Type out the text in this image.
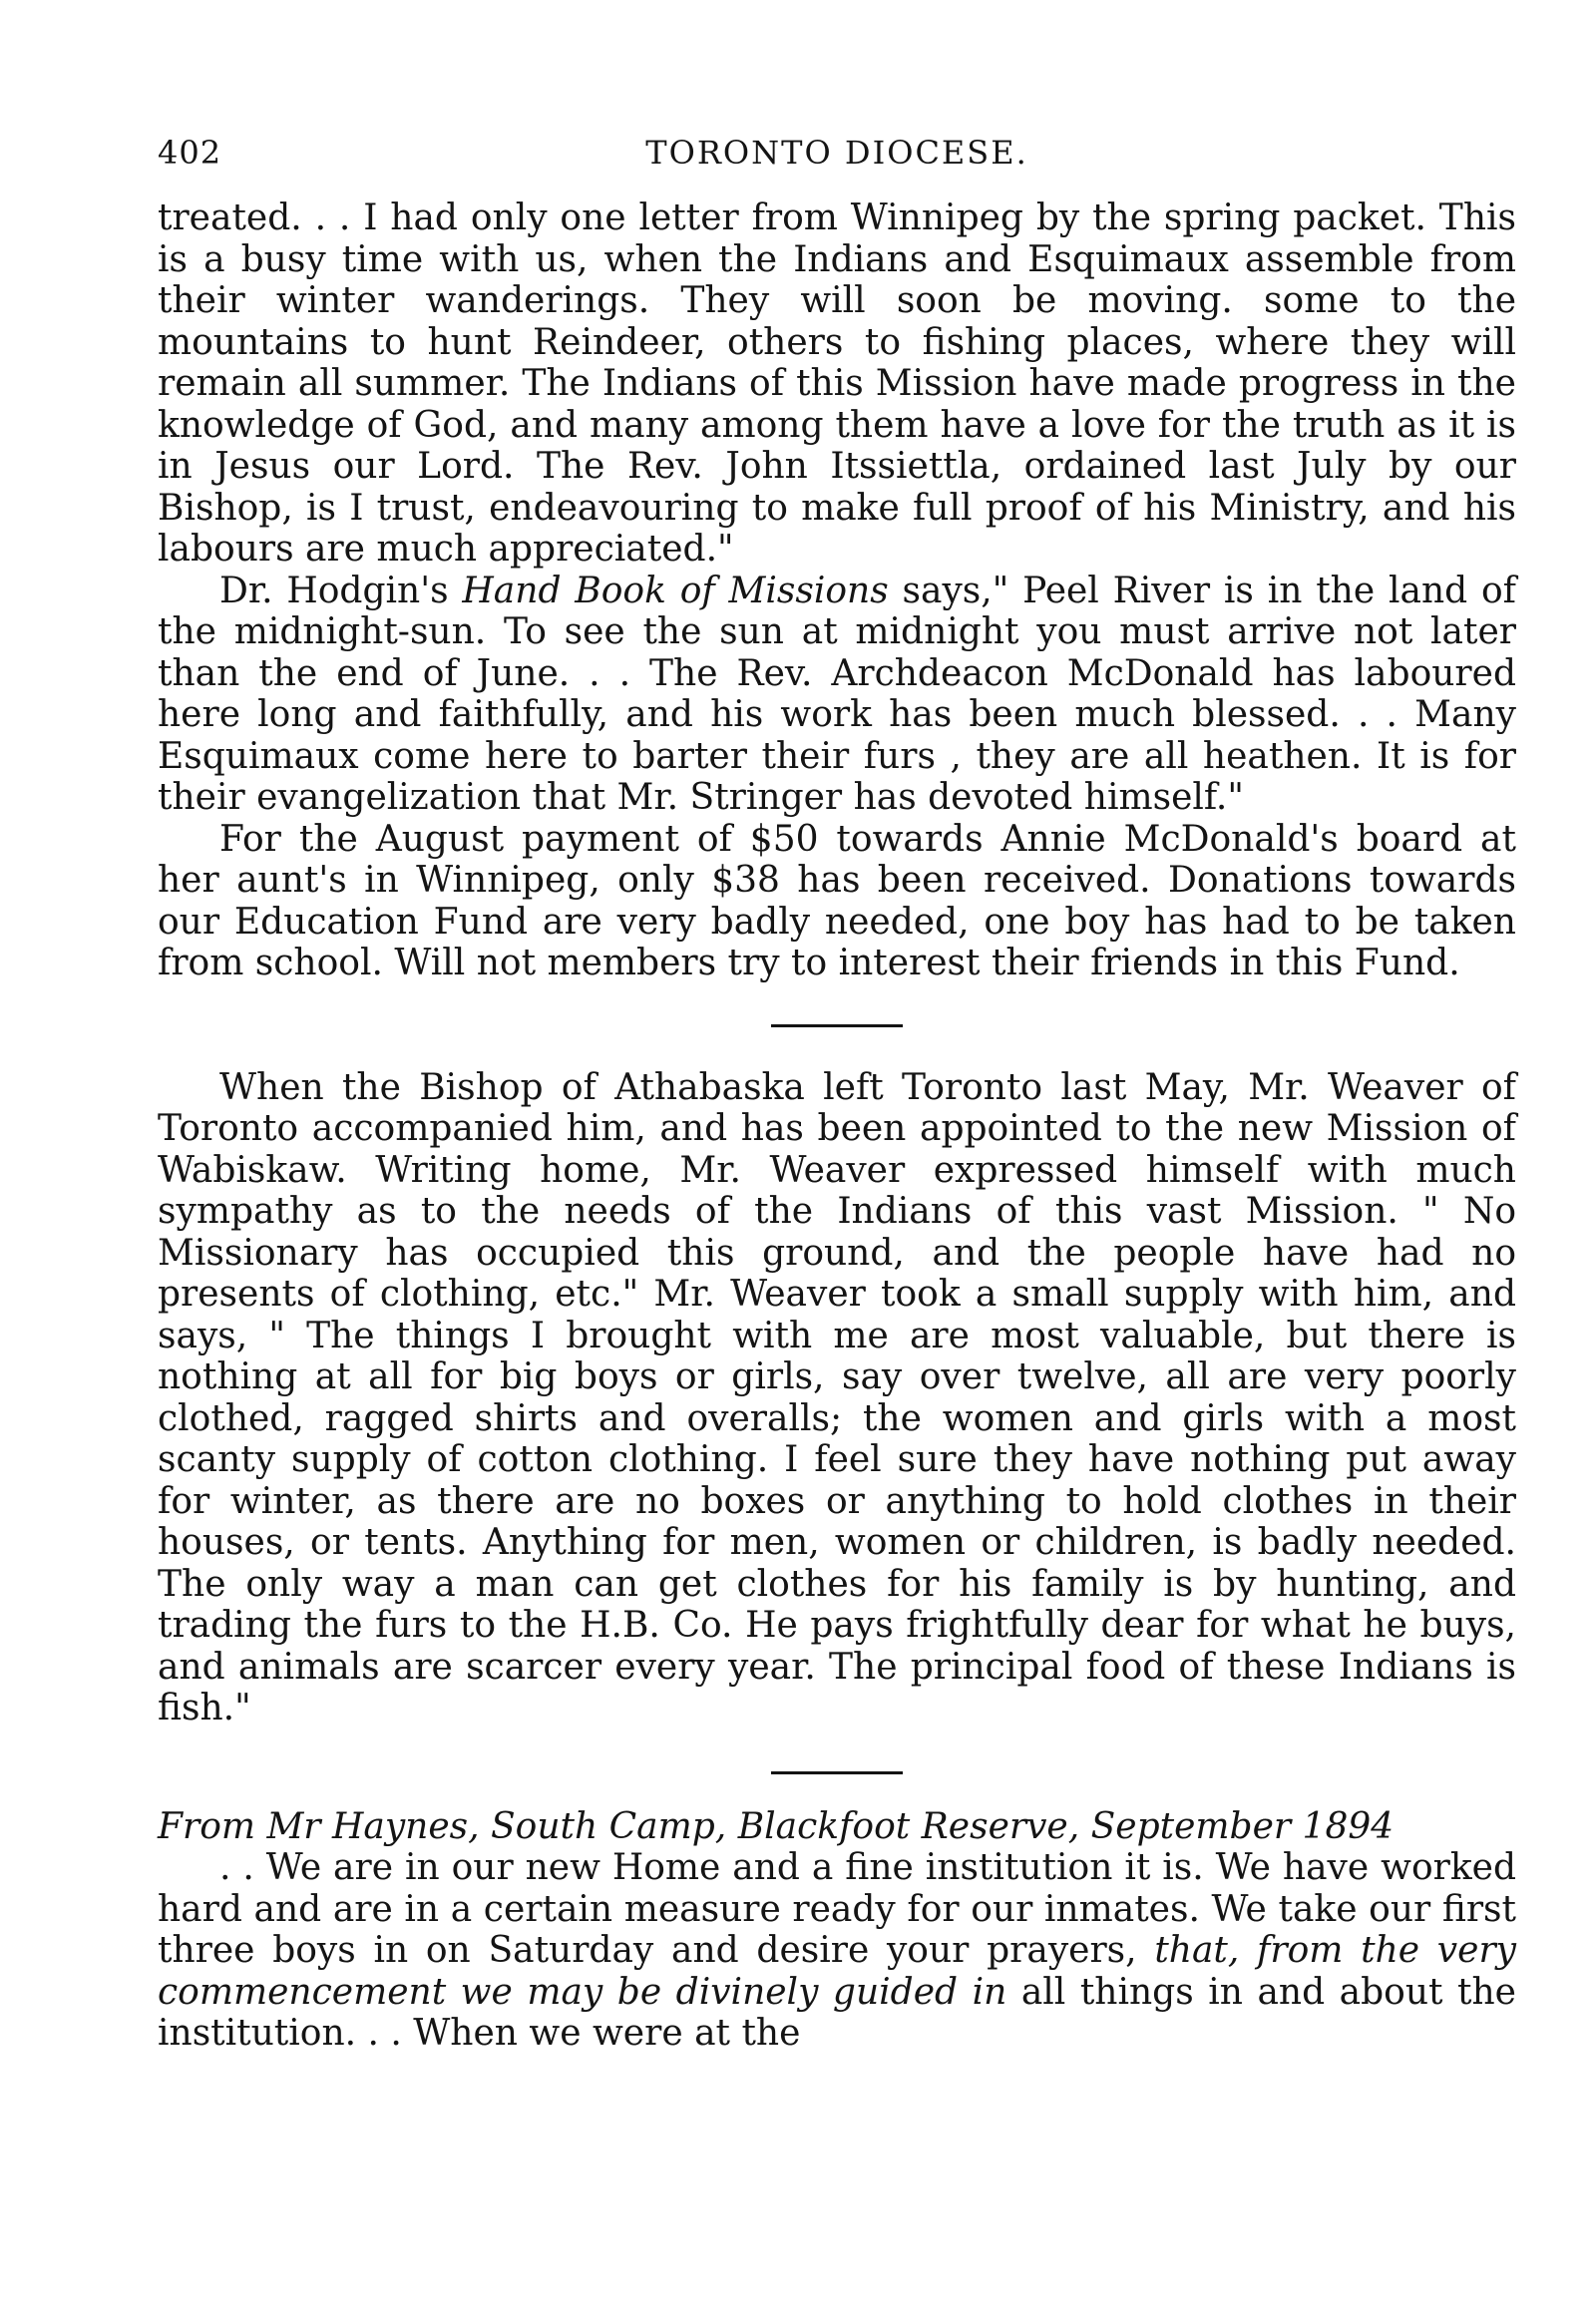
402	TORONTO DIOCESE.

treated. . . I had only one letter from Winnipeg by the spring packet. This is a busy time with us, when the Indians and Esquimaux assemble from their winter wanderings. They will soon be moving. some to the mountains to hunt Reindeer, others to fishing places, where they will remain all summer. The Indians of this Mission have made progress in the knowledge of God, and many among them have a love for the truth as it is in Jesus our Lord. The Rev. John Itssiettla, ordained last July by our Bishop, is I trust, endeavouring to make full proof of his Ministry, and his labours are much appreciated."

Dr. Hodgin's Hand Book of Missions says," Peel River is in the land of the midnight-sun. To see the sun at midnight you must arrive not later than the end of June. . . The Rev. Archdeacon McDonald has laboured here long and faithfully, and his work has been much blessed. . . Many Esquimaux come here to barter their furs , they are all heathen. It is for their evangelization that Mr. Stringer has devoted himself."

For the August payment of $50 towards Annie McDonald's board at her aunt's in Winnipeg, only $38 has been received. Donations towards our Education Fund are very badly needed, one boy has had to be taken from school. Will not members try to interest their friends in this Fund.

When the Bishop of Athabaska left Toronto last May, Mr. Weaver of Toronto accompanied him, and has been appointed to the new Mission of Wabiskaw. Writing home, Mr. Weaver expressed himself with much sympathy as to the needs of the Indians of this vast Mission. " No Missionary has occupied this ground, and the people have had no presents of clothing, etc." Mr. Weaver took a small supply with him, and says, " The things I brought with me are most valuable, but there is nothing at all for big boys or girls, say over twelve, all are very poorly clothed, ragged shirts and overalls; the women and girls with a most scanty supply of cotton clothing. I feel sure they have nothing put away for winter, as there are no boxes or anything to hold clothes in their houses, or tents. Anything for men, women or children, is badly needed. The only way a man can get clothes for his family is by hunting, and trading the furs to the H.B. Co. He pays frightfully dear for what he buys, and animals are scarcer every year. The principal food of these Indians is fish."

From Mr Haynes, South Camp, Blackfoot Reserve, September 1894

. . We are in our new Home and a fine institution it is. We have worked hard and are in a certain measure ready for our inmates. We take our first three boys in on Saturday and desire your prayers, that, from the very commencement we may be divinely guided in all things in and about the institution. . . When we were at the
